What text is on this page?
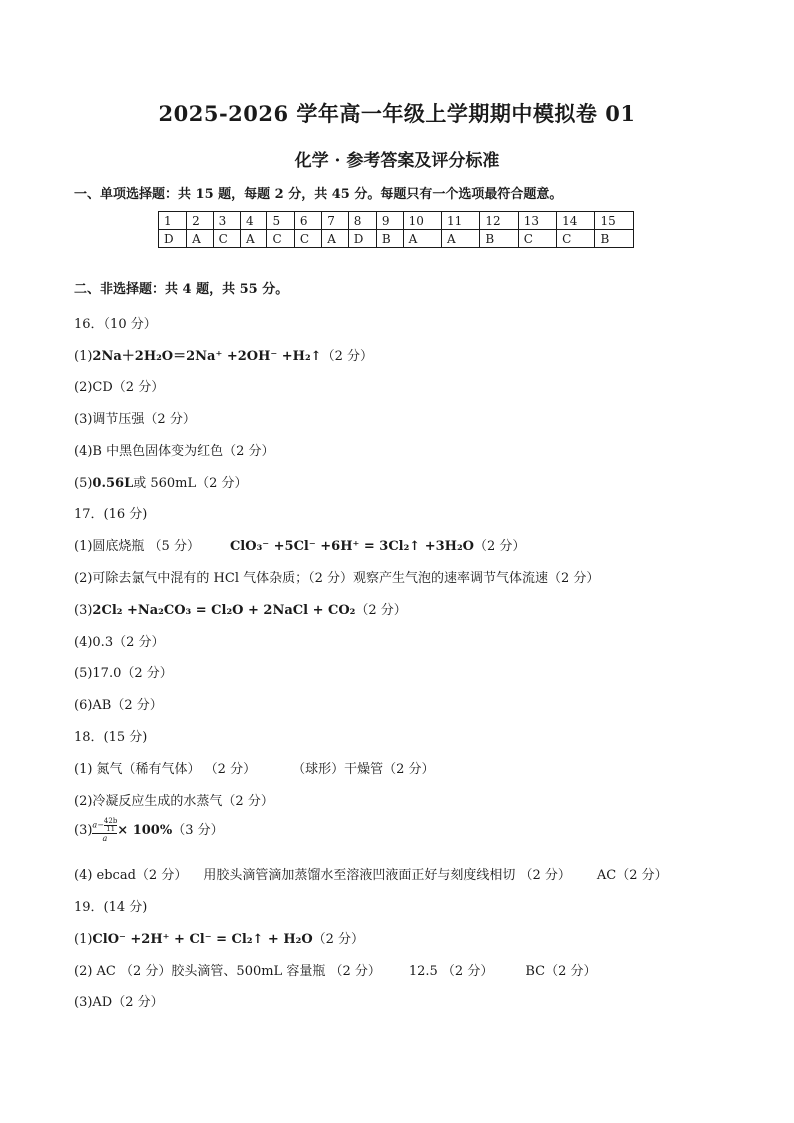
2025-2026 学年高一年级上学期期中模拟卷 01
化学 · 参考答案及评分标准
一、单项选择题：共 15 题，每题 2 分，共 45 分。每题只有一个选项最符合题意。
1	2	3	4	5	6	7	8	9	10	11	12	13	14	15
D	A	C	A	C	C	A	D	B	A	A	B	C	C	B
二、非选择题：共 4 题，共 55 分。
16．（10 分）
(1)2Na＋2H₂O＝2Na⁺ +2OH⁻ +H₂↑（2 分）
(2)CD（2 分）
(3)调节压强（2 分）
(4)B 中黑色固体变为红色（2 分）
(5)0.56L或 560mL（2 分）
17．(16 分)
(1)圆底烧瓶 （5 分） ClO₃⁻ +5Cl⁻ +6H⁺ = 3Cl₂↑ +3H₂O（2 分）
(2)可除去氯气中混有的 HCl 气体杂质；（2 分）观察产生气泡的速率调节气体流速（2 分）
(3)2Cl₂ +Na₂CO₃ = Cl₂O + 2NaCl + CO₂（2 分）
(4)0.3（2 分）
(5)17.0（2 分）
(6)AB（2 分）
18．(15 分)
(1) 氮气（稀有气体） （2 分）	（球形）干燥管（2 分）
(2)冷凝反应生成的水蒸气（2 分）
$(3) \frac{a- \frac{42b}{11}}{a} \times 100\%(3$ 分）
(4) ebcad（2 分） 用胶头滴管滴加蒸馏水至溶液凹液面正好与刻度线相切 （2 分） AC（2 分）
19．(14 分)
(1)ClO⁻ +2H⁺ + Cl⁻ = Cl₂↑ + H₂O（2 分）
(2) AC （2 分）胶头滴管、500mL 容量瓶 （2 分） 12.5 （2 分） BC（2 分）
(3)AD（2 分）
